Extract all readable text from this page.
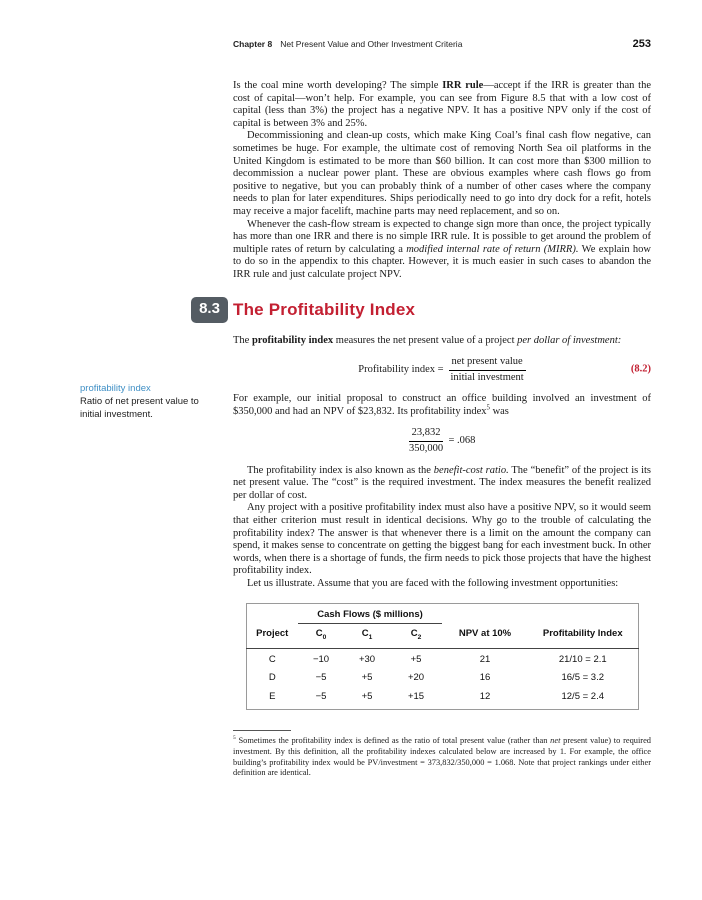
Chapter 8 Net Present Value and Other Investment Criteria	253
profitability index
Ratio of net present value to initial investment.

Is the coal mine worth developing? The simple IRR rule—accept if the IRR is greater than the cost of capital—won’t help. For example, you can see from Figure 8.5 that with a low cost of capital (less than 3%) the project has a negative NPV. It has a positive NPV only if the cost of capital is between 3% and 25%.

Decommissioning and clean-up costs, which make King Coal’s final cash flow negative, can sometimes be huge. For example, the ultimate cost of removing North Sea oil platforms in the United Kingdom is estimated to be more than $60 billion. It can cost more than $300 million to decommission a nuclear power plant. These are obvious examples where cash flows go from positive to negative, but you can probably think of a number of other cases where the company needs to plan for later expenditures. Ships periodically need to go into dry dock for a refit, hotels may receive a major facelift, machine parts may need replacement, and so on.

Whenever the cash-flow stream is expected to change sign more than once, the project typically has more than one IRR and there is no simple IRR rule. It is possible to get around the problem of multiple rates of return by calculating a modified internal rate of return (MIRR). We explain how to do so in the appendix to this chapter. However, it is much easier in such cases to abandon the IRR rule and just calculate project NPV.

8.3 The Profitability Index

The profitability index measures the net present value of a project per dollar of investment:

Profitability index = $\frac{\text{net present value}}{\text{initial investment}}$	(8.2)

For example, our initial proposal to construct an office building involved an investment of $350,000 and had an NPV of $23,832. Its profitability index$^5$ was

$\frac{23,832}{350,000} = .068$

The profitability index is also known as the benefit-cost ratio. The “benefit” of the project is its net present value. The “cost” is the required investment. The index measures the benefit realized per dollar of cost.

Any project with a positive profitability index must also have a positive NPV, so it would seem that either criterion must result in identical decisions. Why go to the trouble of calculating the profitability index? The answer is that whenever there is a limit on the amount the company can spend, it makes sense to concentrate on getting the biggest bang for each investment buck. In other words, when there is a shortage of funds, the firm needs to pick those projects that have the highest profitability index.

Let us illustrate. Assume that you are faced with the following investment opportunities:

	Cash Flows ($ millions)				
Project	$C_0$	$C_1$	$C_2$	NPV at 10%	Profitability Index
C	−10	+30	+5	21	21/10 = 2.1
D	−5	+5	+20	16	16/5 = 3.2
E	−5	+5	+15	12	12/5 = 2.4
$^5$ Sometimes the profitability index is defined as the ratio of total present value (rather than net present value) to required investment. By this definition, all the profitability indexes calculated below are increased by 1. For example, the office building’s profitability index would be PV/investment = 373,832/350,000 = 1.068. Note that project rankings under either definition are identical.
